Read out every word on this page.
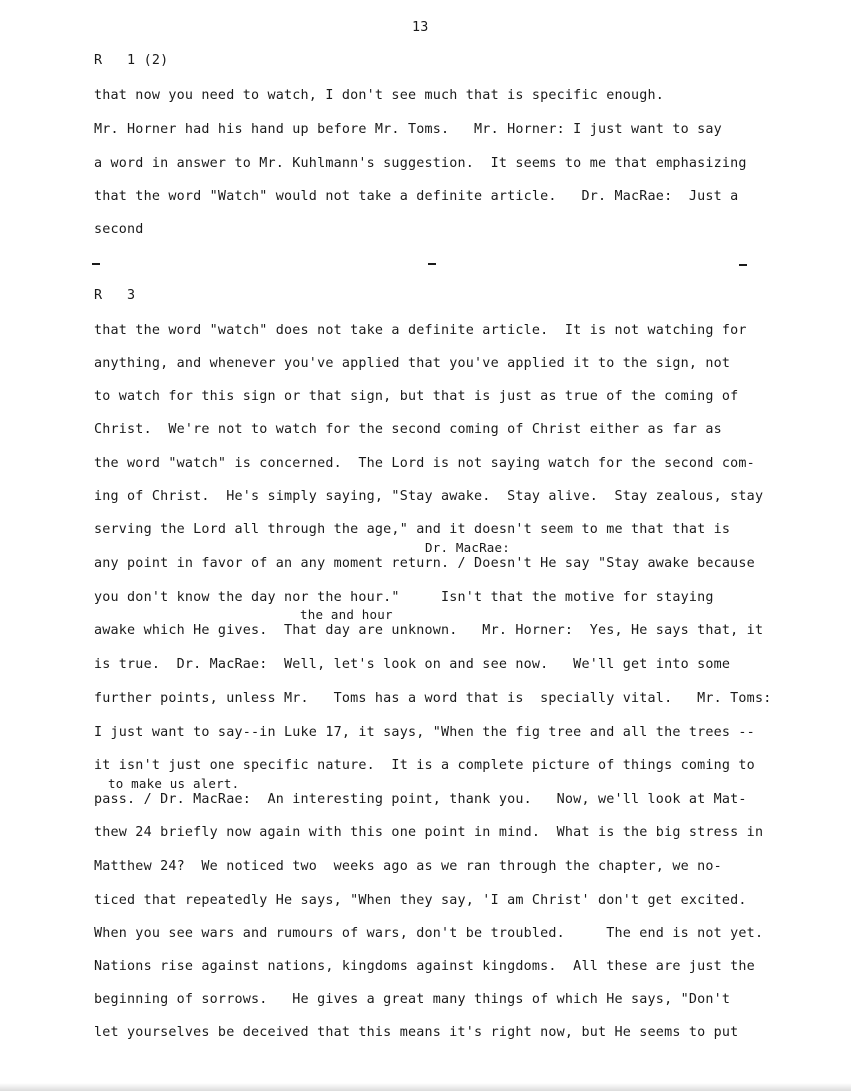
13
R   1 (2)
that now you need to watch, I don't see much that is specific enough.
Mr. Horner had his hand up before Mr. Toms.   Mr. Horner: I just want to say
a word in answer to Mr. Kuhlmann's suggestion.  It seems to me that emphasizing
that the word "Watch" would not take a definite article.   Dr. MacRae:  Just a
second
R   3
that the word "watch" does not take a definite article.  It is not watching for
anything, and whenever you've applied that you've applied it to the sign, not
to watch for this sign or that sign, but that is just as true of the coming of
Christ.  We're not to watch for the second coming of Christ either as far as
the word "watch" is concerned.  The Lord is not saying watch for the second com-
ing of Christ.  He's simply saying, "Stay awake.  Stay alive.  Stay zealous, stay
serving the Lord all through the age," and it doesn't seem to me that that is
Dr. MacRae:
any point in favor of an any moment return. / Doesn't He say "Stay awake because
you don't know the day nor the hour."     Isn't that the motive for staying
the and hour
awake which He gives.  That day are unknown.   Mr. Horner:  Yes, He says that, it
is true.  Dr. MacRae:  Well, let's look on and see now.   We'll get into some
further points, unless Mr.   Toms has a word that is  specially vital.   Mr. Toms:
I just want to say--in Luke 17, it says, "When the fig tree and all the trees --
it isn't just one specific nature.  It is a complete picture of things coming to
to make us alert.
pass. / Dr. MacRae:  An interesting point, thank you.   Now, we'll look at Mat-
thew 24 briefly now again with this one point in mind.  What is the big stress in
Matthew 24?  We noticed two  weeks ago as we ran through the chapter, we no-
ticed that repeatedly He says, "When they say, 'I am Christ' don't get excited.
When you see wars and rumours of wars, don't be troubled.     The end is not yet.
Nations rise against nations, kingdoms against kingdoms.  All these are just the
beginning of sorrows.   He gives a great many things of which He says, "Don't
let yourselves be deceived that this means it's right now, but He seems to put
